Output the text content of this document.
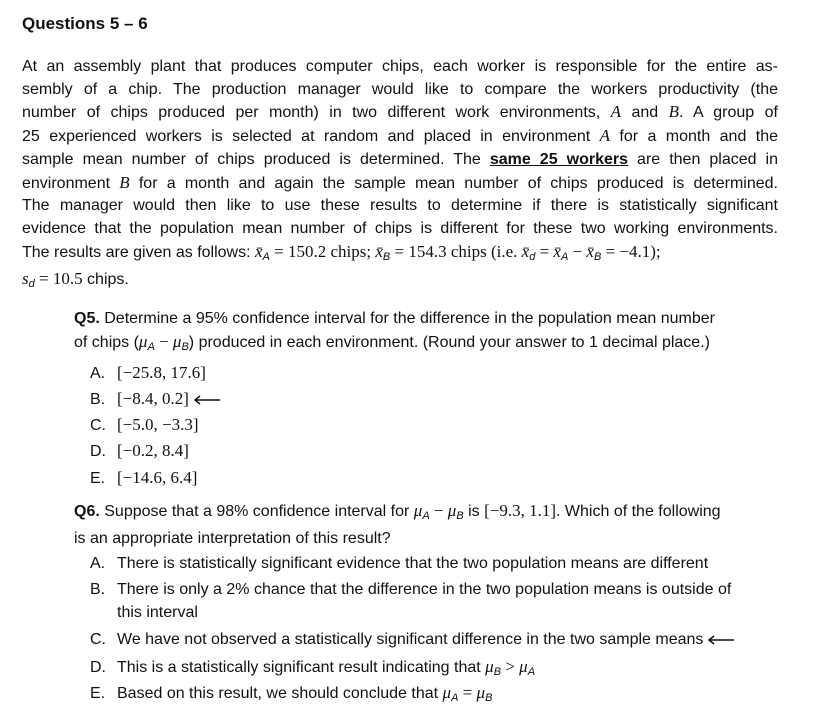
Questions 5 – 6
At an assembly plant that produces computer chips, each worker is responsible for the entire as-
sembly of a chip. The production manager would like to compare the workers productivity (the
number of chips produced per month) in two different work environments, A and B. A group of
25 experienced workers is selected at random and placed in environment A for a month and the
sample mean number of chips produced is determined. The same 25 workers are then placed in
environment B for a month and again the sample mean number of chips produced is determined.
The manager would then like to use these results to determine if there is statistically significant
evidence that the population mean number of chips is different for these two working environments.
The results are given as follows: $x̄_A = 150.2$ chips; $x̄_B = 154.3$ chips (i.e. $x̄_d$ = $x̄_A$ − $x̄_B = -4.1$);
$s_d = 10.5$ chips.
Q5. Determine a 95% confidence interval for the difference in the population mean number
of chips $(\mu_A - \mu_B)$ produced in each environment. (Round your answer to 1 decimal place.)
A. [−25.8, 17.6]
B. [−8.4, 0.2]
C. [−5.0, −3.3]
D. [−0.2, 8.4]
E. [−14.6, 6.4]
Q6. Suppose that a 98% confidence interval for $\mu_A - \mu_B$ is [−9.3, 1.1]. Which of the following
is an appropriate interpretation of this result?
A. There is statistically significant evidence that the two population means are different
B. There is only a 2% chance that the difference in the two population means is outside of
this interval
C. We have not observed a statistically significant difference in the two sample means
D. This is a statistically significant result indicating that $\mu_B > \mu_A$
E. Based on this result, we should conclude that $\mu_A = \mu_B$
